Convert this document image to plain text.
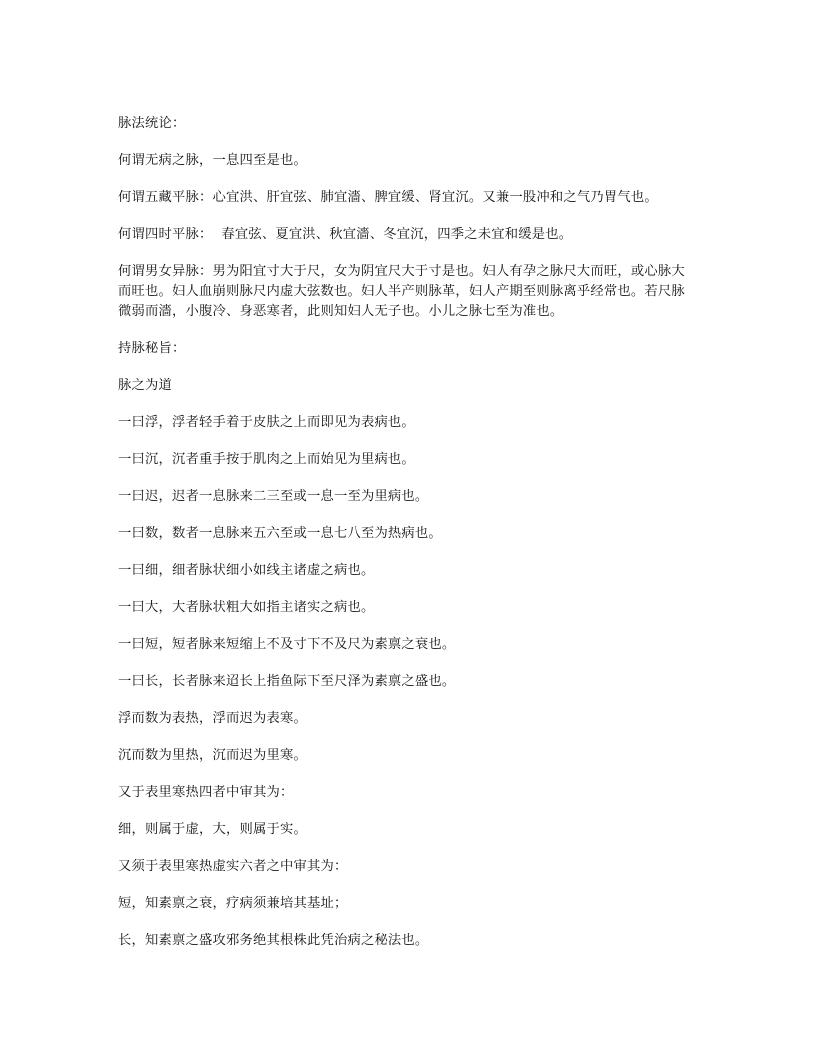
脉法统论：

何谓无病之脉，一息四至是也。

何谓五藏平脉：心宜洪、肝宜弦、肺宜濇、脾宜缓、肾宜沉。又兼一股冲和之气乃胃气也。

何谓四时平脉：  春宜弦、夏宜洪、秋宜濇、冬宜沉，四季之未宜和缓是也。

何谓男女异脉：男为阳宜寸大于尺，女为阴宜尺大于寸是也。妇人有孕之脉尺大而旺，或心脉大而旺也。妇人血崩则脉尺内虚大弦数也。妇人半产则脉革，妇人产期至则脉离乎经常也。若尺脉微弱而濇，小腹冷、身恶寒者，此则知妇人无子也。小儿之脉七至为准也。

持脉秘旨：

脉之为道

一曰浮，浮者轻手着于皮肤之上而即见为表病也。

一曰沉，沉者重手按于肌肉之上而始见为里病也。

一曰迟，迟者一息脉来二三至或一息一至为里病也。

一曰数，数者一息脉来五六至或一息七八至为热病也。

一曰细，细者脉状细小如线主诸虚之病也。

一曰大，大者脉状粗大如指主诸实之病也。

一曰短，短者脉来短缩上不及寸下不及尺为素禀之衰也。

一曰长，长者脉来迢长上指鱼际下至尺泽为素禀之盛也。

浮而数为表热，浮而迟为表寒。

沉而数为里热，沉而迟为里寒。

又于表里寒热四者中审其为：

细，则属于虚，大，则属于实。

又须于表里寒热虚实六者之中审其为：

短，知素禀之衰，疗病须兼培其基址；

长，知素禀之盛攻邪务绝其根株此凭治病之秘法也。
